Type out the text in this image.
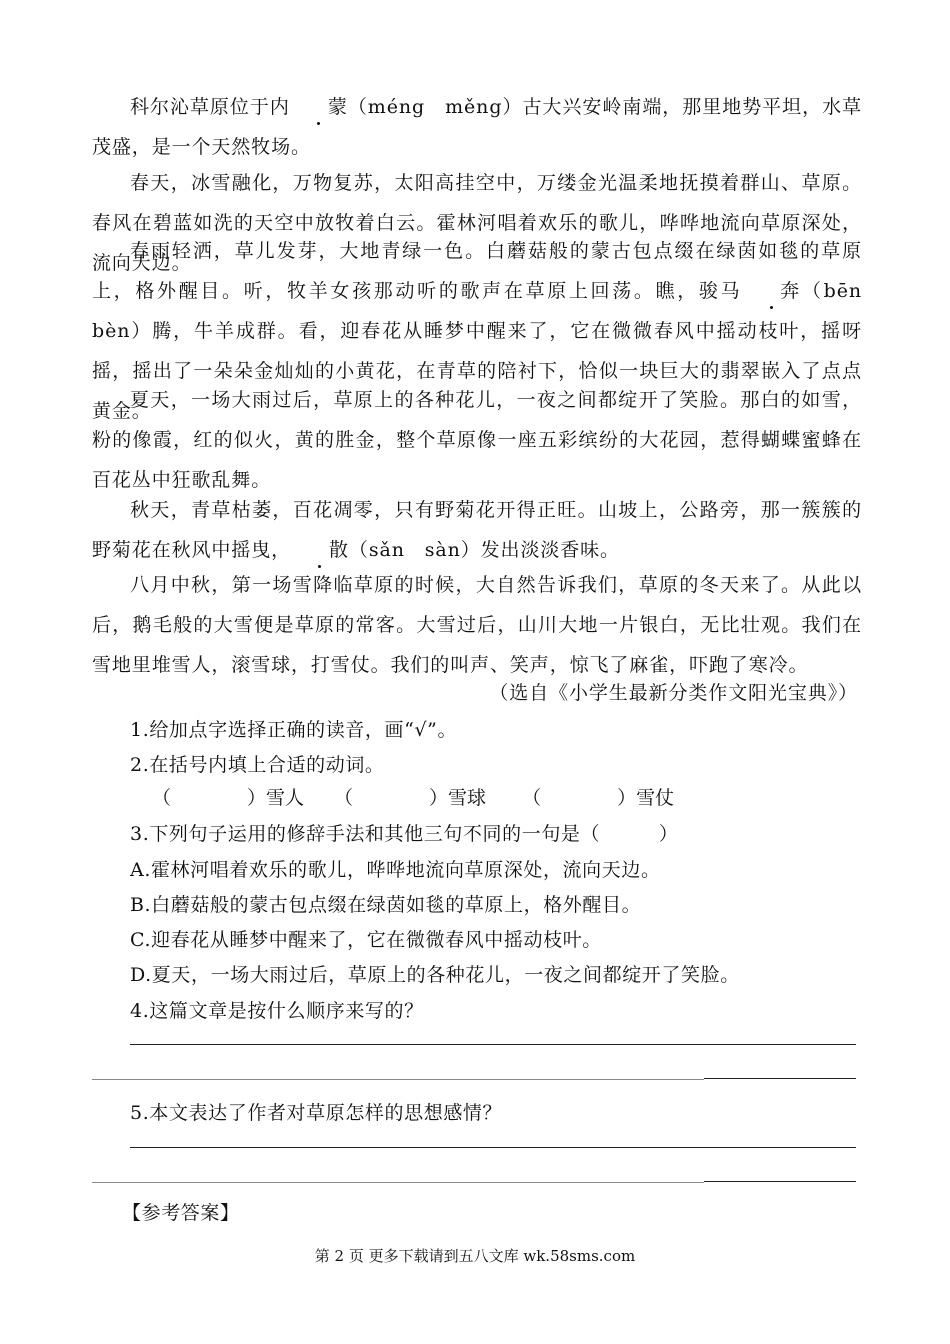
科尔沁草原位于内 蒙（méng　měng）古大兴安岭南端，那里地势平坦，水草茂盛，是一个天然牧场。

春天，冰雪融化，万物复苏，太阳高挂空中，万缕金光温柔地抚摸着群山、草原。春风在碧蓝如洗的天空中放牧着白云。霍林河唱着欢乐的歌儿，哗哗地流向草原深处，流向天边。

春雨轻洒，草儿发芽，大地青绿一色。白蘑菇般的蒙古包点缀在绿茵如毯的草原上，格外醒目。听，牧羊女孩那动听的歌声在草原上回荡。瞧，骏马 奔（bēn　bèn）腾，牛羊成群。看，迎春花从睡梦中醒来了，它在微微春风中摇动枝叶，摇呀摇，摇出了一朵朵金灿灿的小黄花，在青草的陪衬下，恰似一块巨大的翡翠嵌入了点点黄金。

夏天，一场大雨过后，草原上的各种花儿，一夜之间都绽开了笑脸。那白的如雪，粉的像霞，红的似火，黄的胜金，整个草原像一座五彩缤纷的大花园，惹得蝴蝶蜜蜂在百花丛中狂歌乱舞。

秋天，青草枯萎，百花凋零，只有野菊花开得正旺。山坡上，公路旁，那一簇簇的野菊花在秋风中摇曳， 散（sǎn　sàn）发出淡淡香味。

八月中秋，第一场雪降临草原的时候，大自然告诉我们，草原的冬天来了。从此以后，鹅毛般的大雪便是草原的常客。大雪过后，山川大地一片银白，无比壮观。我们在雪地里堆雪人，滚雪球，打雪仗。我们的叫声、笑声，惊飞了麻雀，吓跑了寒冷。

（选自《小学生最新分类作文阳光宝典》）
1.给加点字选择正确的读音，画“√”。
2.在括号内填上合适的动词。
（　　　　）雪人 （　　　　）雪球 （　　　　）雪仗
3.下列句子运用的修辞手法和其他三句不同的一句是（　　　）
A.霍林河唱着欢乐的歌儿，哗哗地流向草原深处，流向天边。
B.白蘑菇般的蒙古包点缀在绿茵如毯的草原上，格外醒目。
C.迎春花从睡梦中醒来了，它在微微春风中摇动枝叶。
D.夏天，一场大雨过后，草原上的各种花儿，一夜之间都绽开了笑脸。
4.这篇文章是按什么顺序来写的？
5.本文表达了作者对草原怎样的思想感情？
【参考答案】
第 2 页 更多下载请到五八文库 wk.58sms.com
